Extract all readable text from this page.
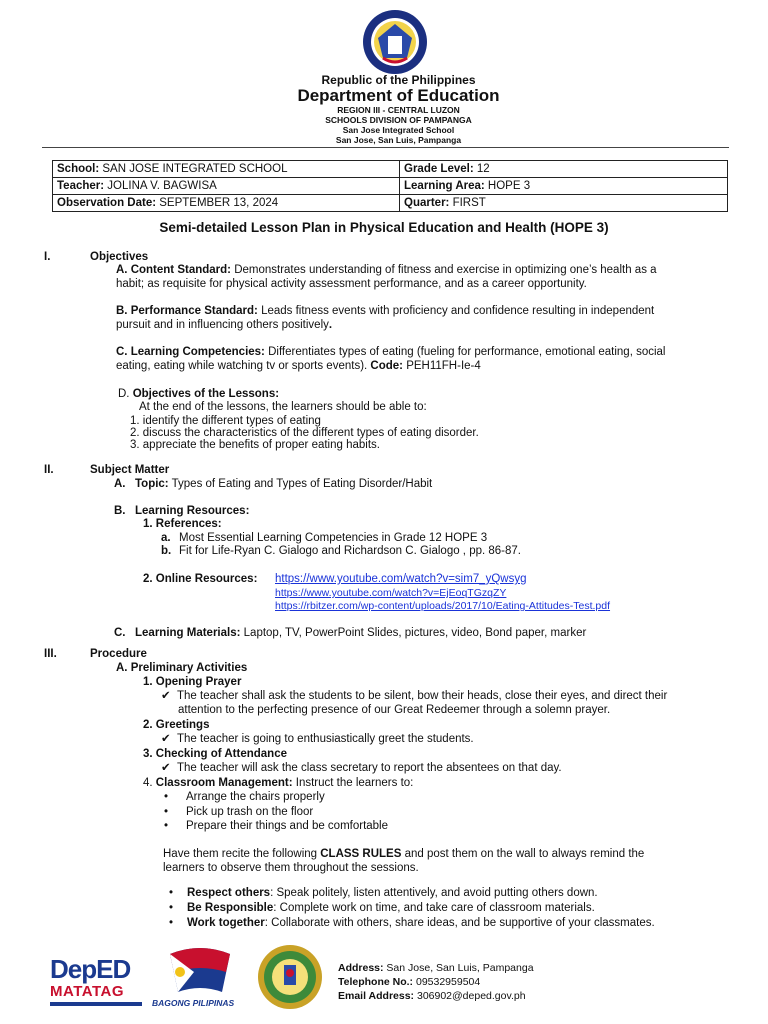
Republic of the Philippines
Department of Education
REGION III - CENTRAL LUZON
SCHOOLS DIVISION OF PAMPANGA
San Jose Integrated School
San Jose, San Luis, Pampanga
School: SAN JOSE INTEGRATED SCHOOL	Grade Level: 12
Teacher: JOLINA V. BAGWISA	Learning Area: HOPE 3
Observation Date: SEPTEMBER 13, 2024	Quarter: FIRST
Semi-detailed Lesson Plan in Physical Education and Health (HOPE 3)
I.	Objectives
A. Content Standard: Demonstrates understanding of fitness and exercise in optimizing one’s health as a
habit; as requisite for physical activity assessment performance, and as a career opportunity.
B. Performance Standard: Leads fitness events with proficiency and confidence resulting in independent
pursuit and in influencing others positively.
C. Learning Competencies: Differentiates types of eating (fueling for performance, emotional eating, social
eating, eating while watching tv or sports events). Code: PEH11FH-Ie-4
D. Objectives of the Lessons:
At the end of the lessons, the learners should be able to:
1. identify the different types of eating
2. discuss the characteristics of the different types of eating disorder.
3. appreciate the benefits of proper eating habits.
II.	Subject Matter
A. Topic: Types of Eating and Types of Eating Disorder/Habit
B. Learning Resources:
1. References:
a. Most Essential Learning Competencies in Grade 12 HOPE 3
b. Fit for Life-Ryan C. Gialogo and Richardson C. Gialogo , pp. 86-87.
2. Online Resources: https://www.youtube.com/watch?v=sim7_yQwsyg
https://www.youtube.com/watch?v=EjEoqTGzqZY
https://rbitzer.com/wp-content/uploads/2017/10/Eating-Attitudes-Test.pdf
C. Learning Materials: Laptop, TV, PowerPoint Slides, pictures, video, Bond paper, marker
III.	Procedure
A. Preliminary Activities
1. Opening Prayer
✔ The teacher shall ask the students to be silent, bow their heads, close their eyes, and direct their
attention to the perfecting presence of our Great Redeemer through a solemn prayer.
2. Greetings
✔ The teacher is going to enthusiastically greet the students.
3. Checking of Attendance
✔ The teacher will ask the class secretary to report the absentees on that day.
4. Classroom Management: Instruct the learners to:
• Arrange the chairs properly
• Pick up trash on the floor
• Prepare their things and be comfortable
Have them recite the following CLASS RULES and post them on the wall to always remind the
learners to observe them throughout the sessions.
• Respect others: Speak politely, listen attentively, and avoid putting others down.
• Be Responsible: Complete work on time, and take care of classroom materials.
• Work together: Collaborate with others, share ideas, and be supportive of your classmates.
DepED
MATATAG
BAGONG PILIPINAS
Address: San Jose, San Luis, Pampanga
Telephone No.: 09532959504
Email Address: 306902@deped.gov.ph
